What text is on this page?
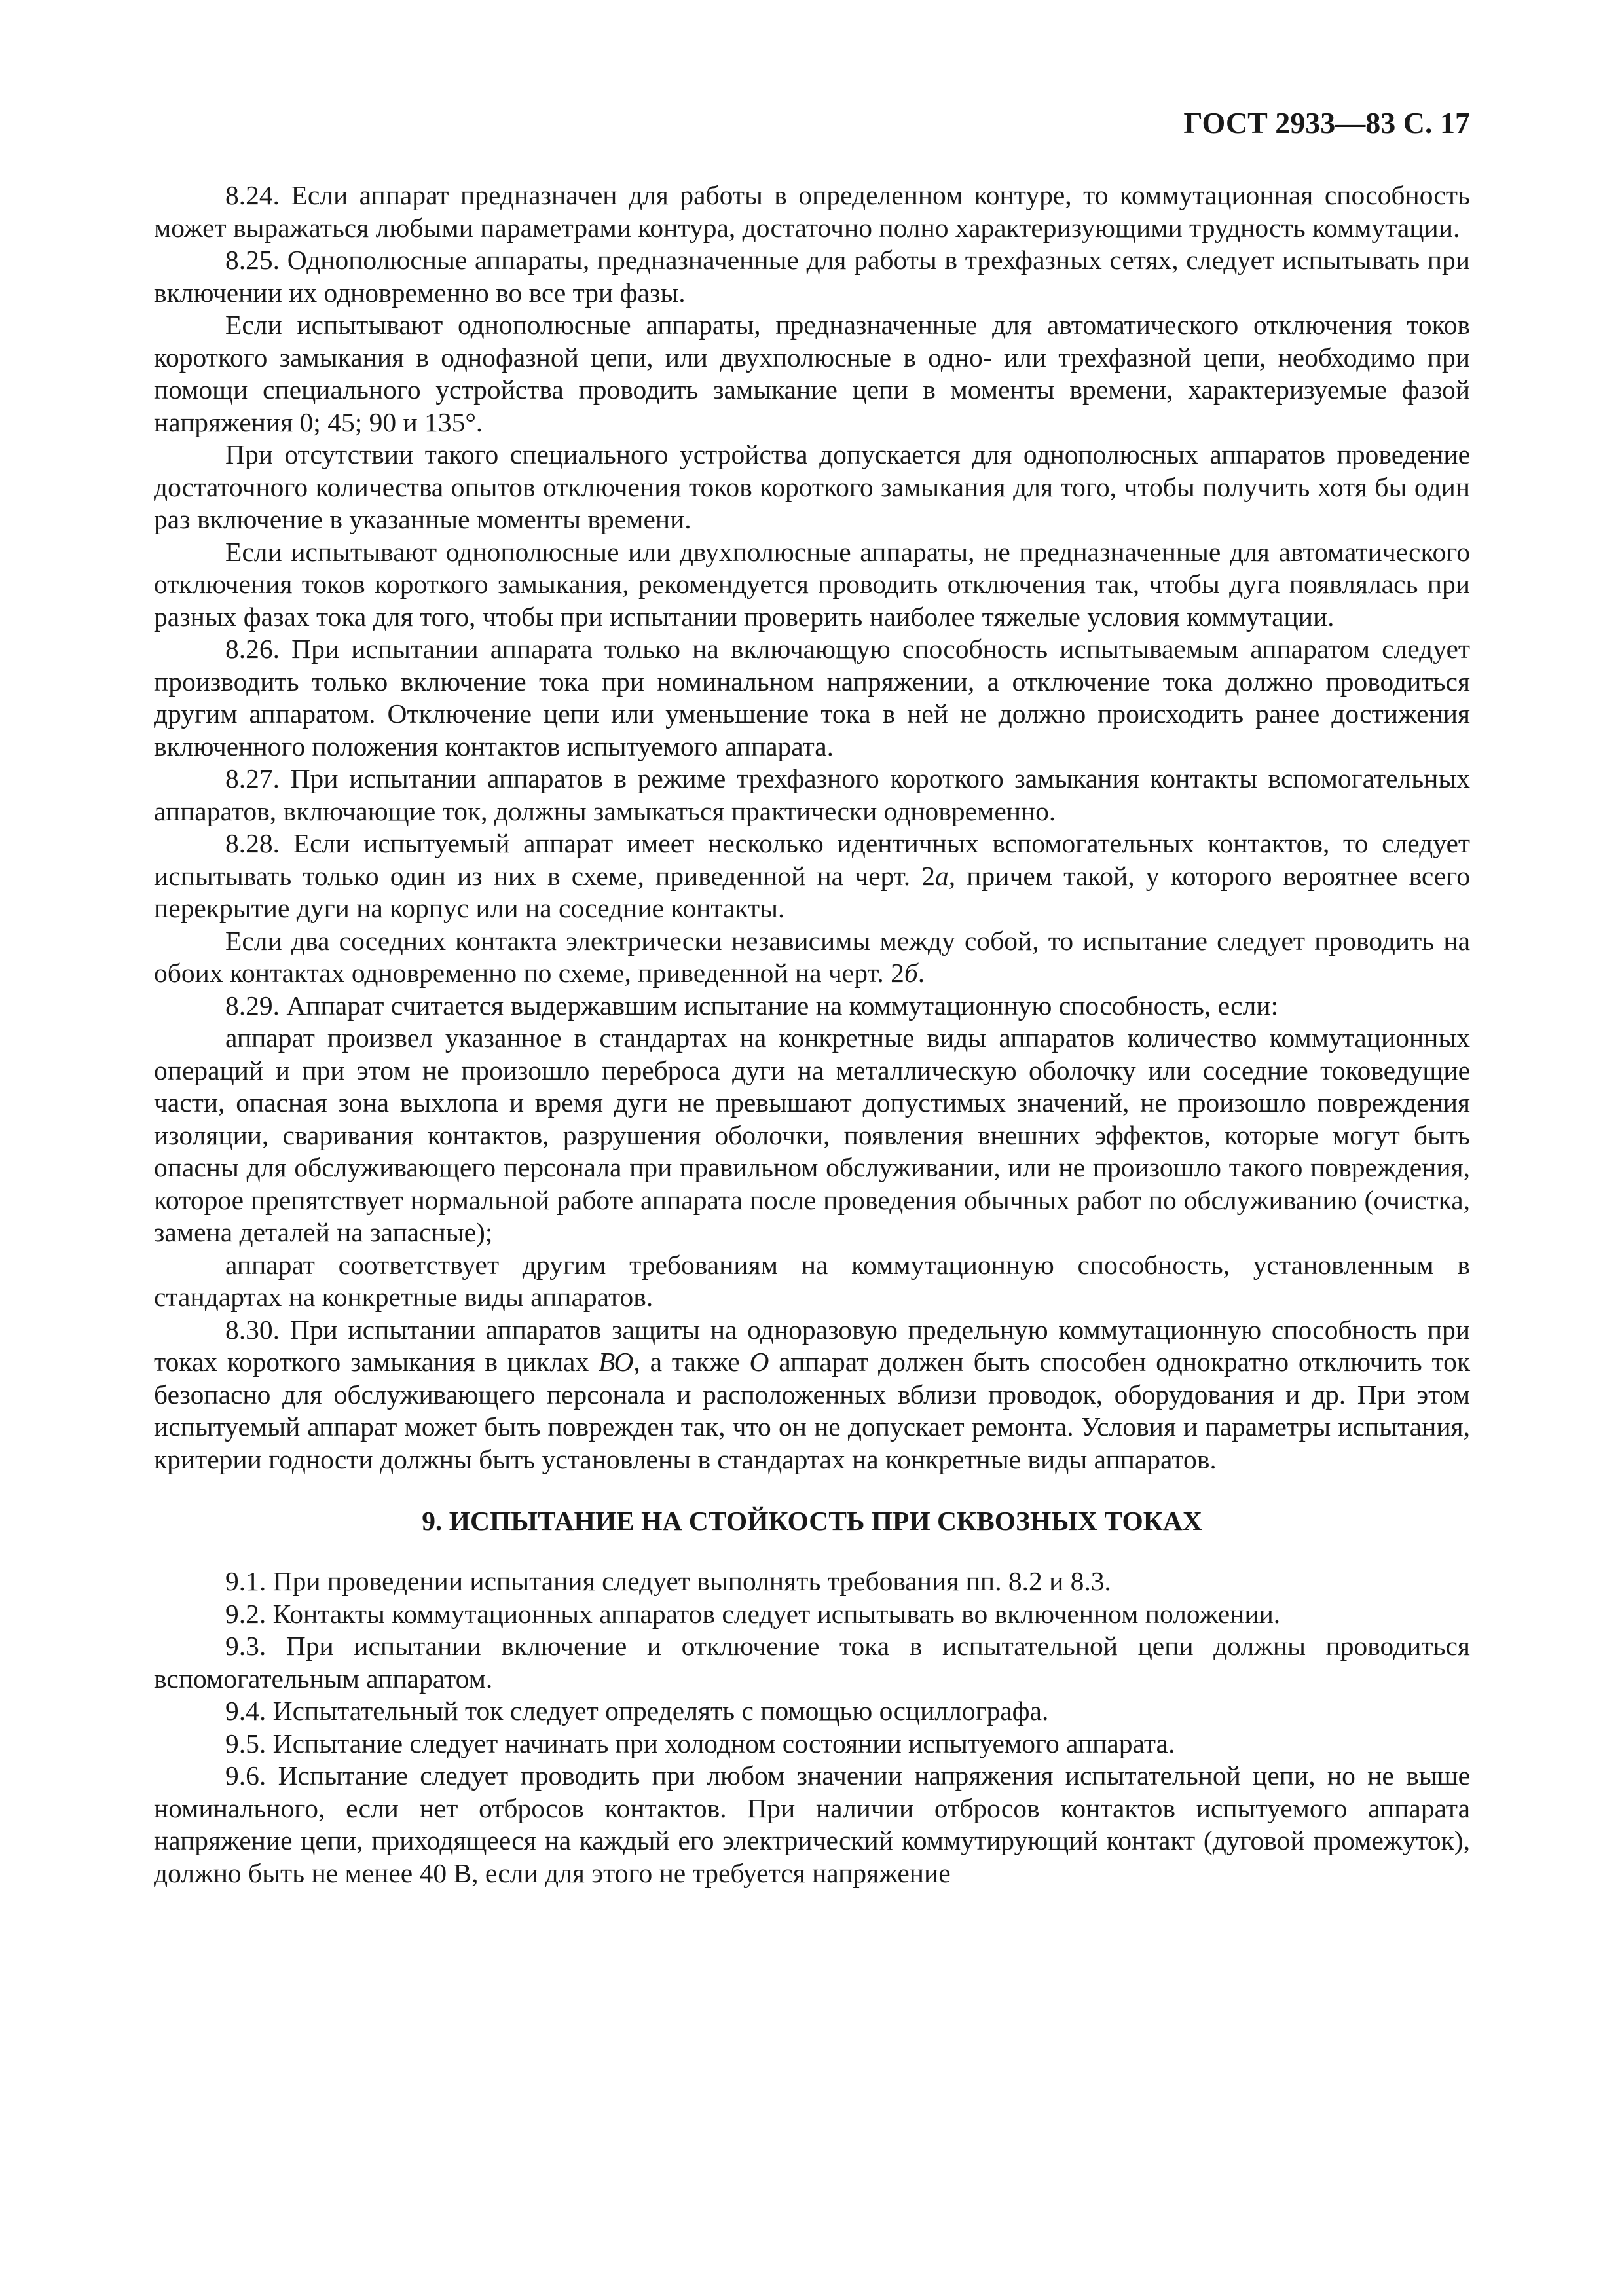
ГОСТ 2933—83 С. 17

8.24. Если аппарат предназначен для работы в определенном контуре, то коммутационная способность может выражаться любыми параметрами контура, достаточно полно характеризующими трудность коммутации.

8.25. Однополюсные аппараты, предназначенные для работы в трехфазных сетях, следует испытывать при включении их одновременно во все три фазы.

Если испытывают однополюсные аппараты, предназначенные для автоматического отключения токов короткого замыкания в однофазной цепи, или двухполюсные в одно- или трехфазной цепи, необходимо при помощи специального устройства проводить замыкание цепи в моменты времени, характеризуемые фазой напряжения 0; 45; 90 и 135°.

При отсутствии такого специального устройства допускается для однополюсных аппаратов проведение достаточного количества опытов отключения токов короткого замыкания для того, чтобы получить хотя бы один раз включение в указанные моменты времени.

Если испытывают однополюсные или двухполюсные аппараты, не предназначенные для автоматического отключения токов короткого замыкания, рекомендуется проводить отключения так, чтобы дуга появлялась при разных фазах тока для того, чтобы при испытании проверить наиболее тяжелые условия коммутации.

8.26. При испытании аппарата только на включающую способность испытываемым аппаратом следует производить только включение тока при номинальном напряжении, а отключение тока должно проводиться другим аппаратом. Отключение цепи или уменьшение тока в ней не должно происходить ранее достижения включенного положения контактов испытуемого аппарата.

8.27. При испытании аппаратов в режиме трехфазного короткого замыкания контакты вспомогательных аппаратов, включающие ток, должны замыкаться практически одновременно.

8.28. Если испытуемый аппарат имеет несколько идентичных вспомогательных контактов, то следует испытывать только один из них в схеме, приведенной на черт. 2а, причем такой, у которого вероятнее всего перекрытие дуги на корпус или на соседние контакты.

Если два соседних контакта электрически независимы между собой, то испытание следует проводить на обоих контактах одновременно по схеме, приведенной на черт. 2б.

8.29. Аппарат считается выдержавшим испытание на коммутационную способность, если:

аппарат произвел указанное в стандартах на конкретные виды аппаратов количество коммутационных операций и при этом не произошло переброса дуги на металлическую оболочку или соседние токоведущие части, опасная зона выхлопа и время дуги не превышают допустимых значений, не произошло повреждения изоляции, сваривания контактов, разрушения оболочки, появления внешних эффектов, которые могут быть опасны для обслуживающего персонала при правильном обслуживании, или не произошло такого повреждения, которое препятствует нормальной работе аппарата после проведения обычных работ по обслуживанию (очистка, замена деталей на запасные);

аппарат соответствует другим требованиям на коммутационную способность, установленным в стандартах на конкретные виды аппаратов.

8.30. При испытании аппаратов защиты на одноразовую предельную коммутационную способность при токах короткого замыкания в циклах ВО, а также О аппарат должен быть способен однократно отключить ток безопасно для обслуживающего персонала и расположенных вблизи проводок, оборудования и др. При этом испытуемый аппарат может быть поврежден так, что он не допускает ремонта. Условия и параметры испытания, критерии годности должны быть установлены в стандартах на конкретные виды аппаратов.

9. ИСПЫТАНИЕ НА СТОЙКОСТЬ ПРИ СКВОЗНЫХ ТОКАХ

9.1. При проведении испытания следует выполнять требования пп. 8.2 и 8.3.

9.2. Контакты коммутационных аппаратов следует испытывать во включенном положении.

9.3. При испытании включение и отключение тока в испытательной цепи должны проводиться вспомогательным аппаратом.

9.4. Испытательный ток следует определять с помощью осциллографа.

9.5. Испытание следует начинать при холодном состоянии испытуемого аппарата.

9.6. Испытание следует проводить при любом значении напряжения испытательной цепи, но не выше номинального, если нет отбросов контактов. При наличии отбросов контактов испытуемого аппарата напряжение цепи, приходящееся на каждый его электрический коммутирующий контакт (дуговой промежуток), должно быть не менее 40 В, если для этого не требуется напряжение
